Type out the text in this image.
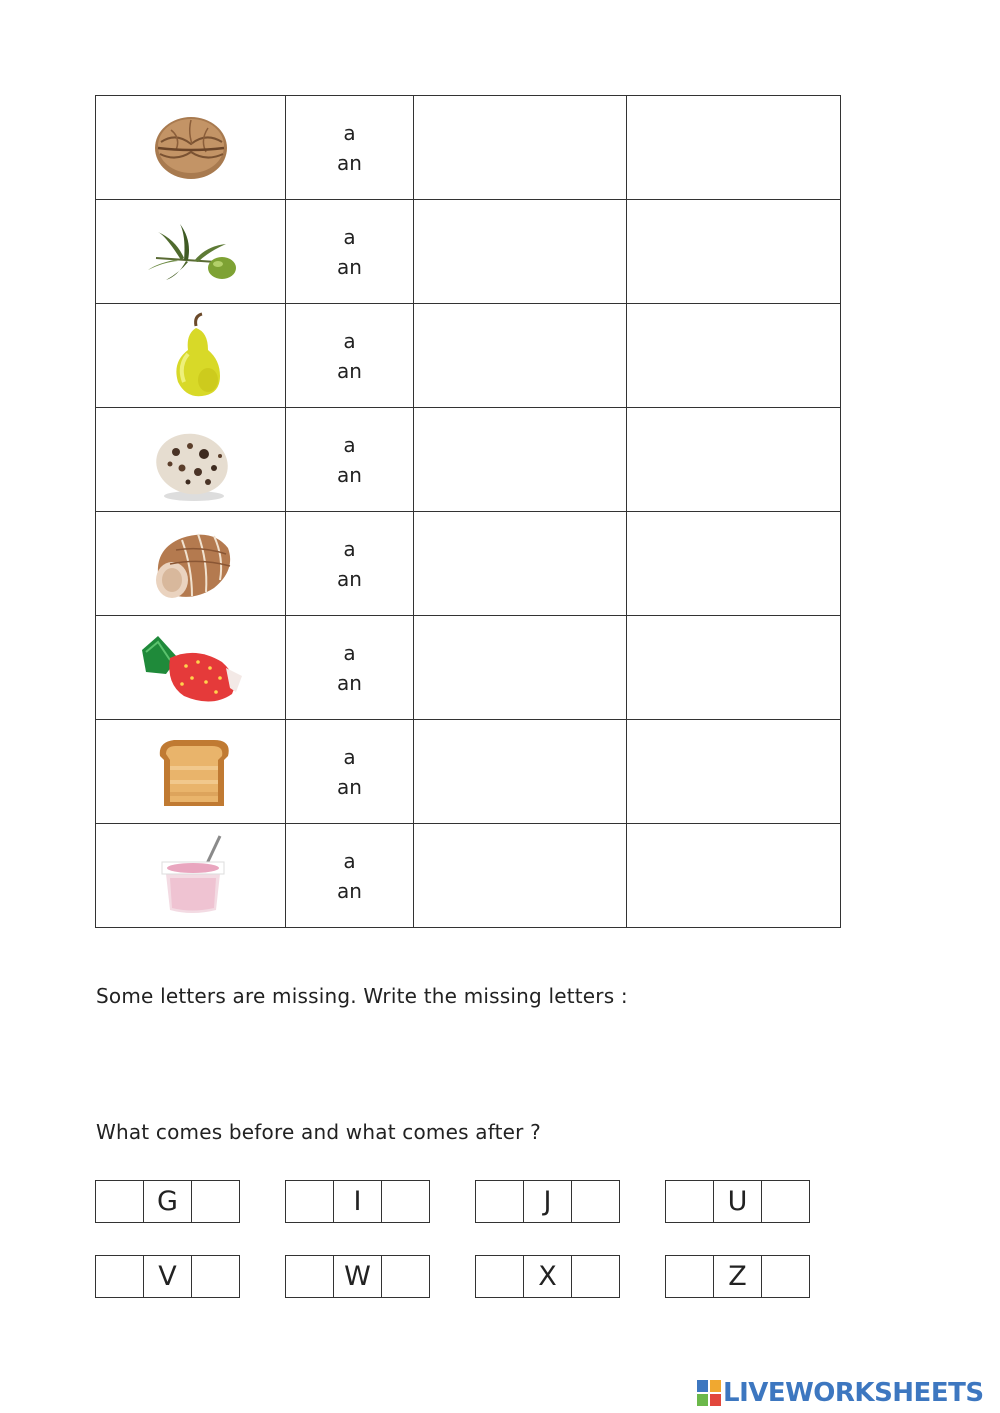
a
an		

a
an		

a
an		

a
an		

a
an		

a
an		

a
an		

a
an		

Some letters are missing. Write the missing letters :
What comes before and what comes after ?
G	I	J	U
V	W	X	Z
LIVEWORKSHEETS
